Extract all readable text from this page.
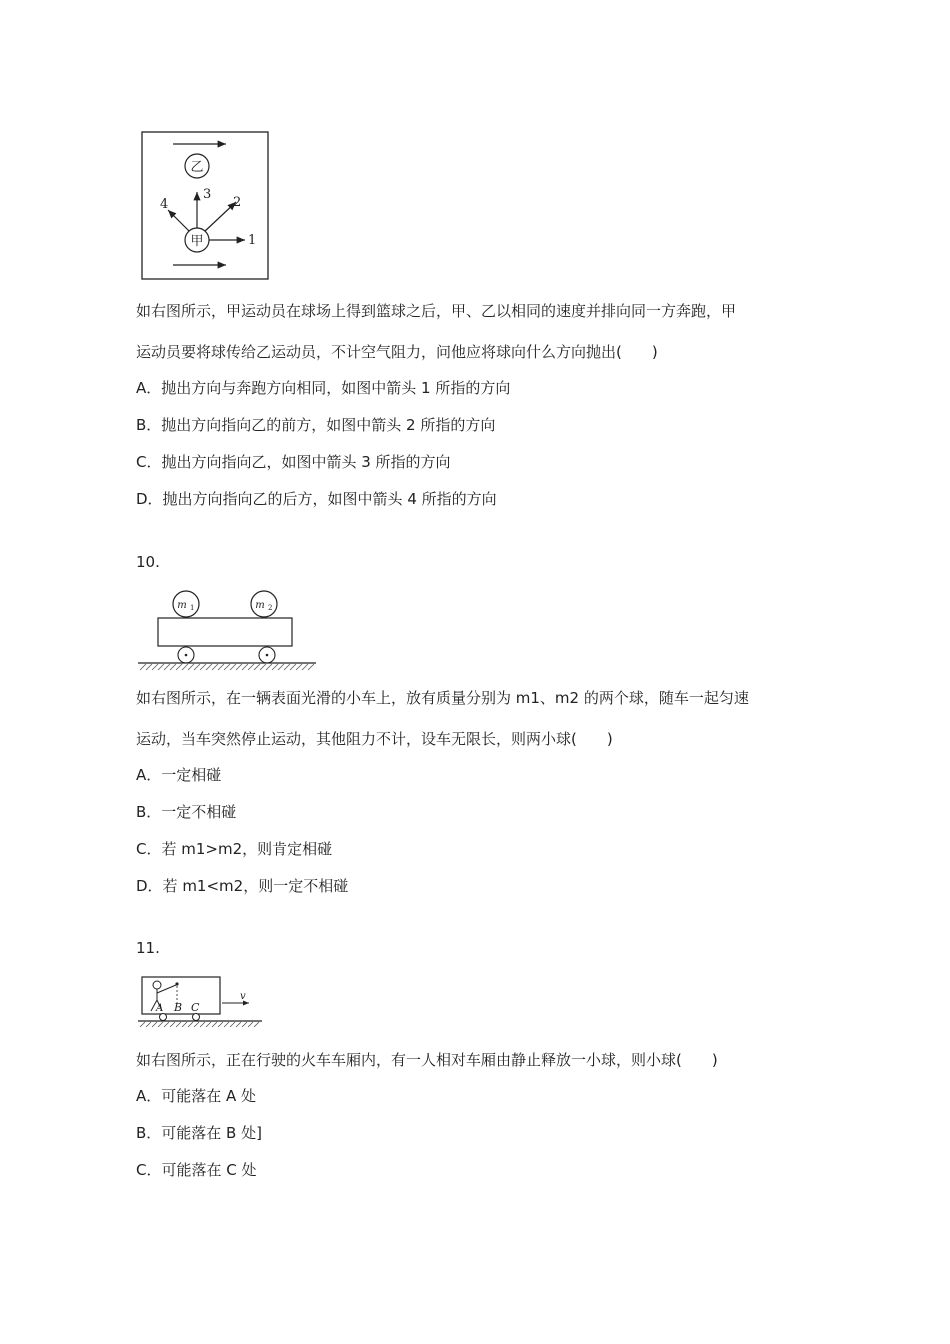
乙
1
2
3
4
甲
如右图所示，甲运动员在球场上得到篮球之后，甲、乙以相同的速度并排向同一方奔跑，甲
运动员要将球传给乙运动员，不计空气阻力，问他应将球向什么方向抛出(　　)
A．抛出方向与奔跑方向相同，如图中箭头 1 所指的方向
B．抛出方向指向乙的前方，如图中箭头 2 所指的方向
C．抛出方向指向乙，如图中箭头 3 所指的方向
D．抛出方向指向乙的后方，如图中箭头 4 所指的方向
10.
m 1	m 2
如右图所示，在一辆表面光滑的小车上，放有质量分别为 m1、m2 的两个球，随车一起匀速
运动，当车突然停止运动，其他阻力不计，设车无限长，则两小球(　　)
A．一定相碰
B．一定不相碰
C．若 m1>m2，则肯定相碰
D．若 m1<m2，则一定不相碰
11.
A B C
v
如右图所示，正在行驶的火车车厢内，有一人相对车厢由静止释放一小球，则小球(　　)
A．可能落在 A 处
B．可能落在 B 处]
C．可能落在 C 处
